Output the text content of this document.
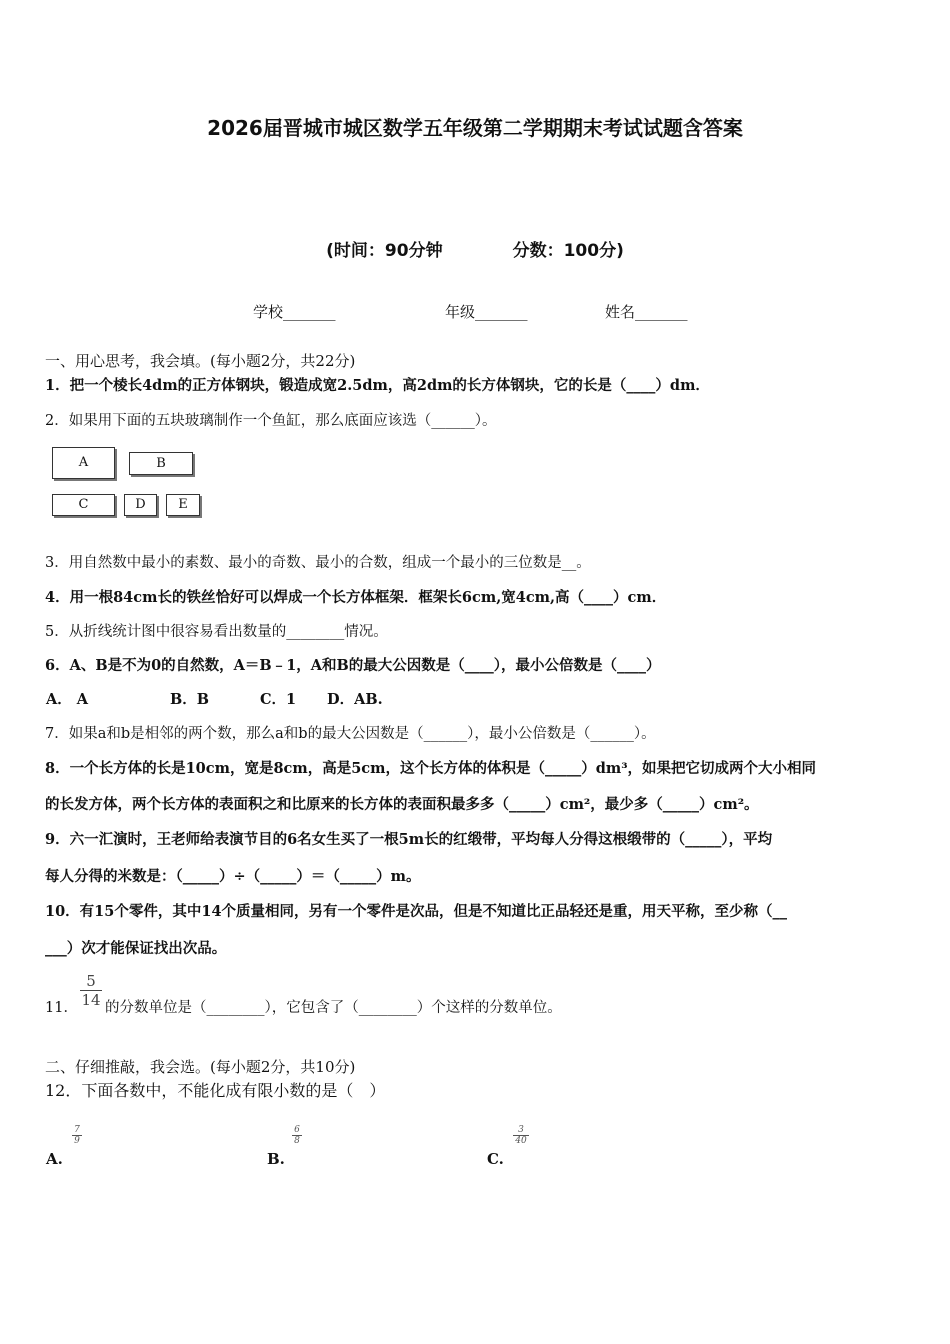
2026届晋城市城区数学五年级第二学期期末考试试题含答案
(时间：90分钟	分数：100分)
学校_______	年级_______	姓名_______
一、用心思考，我会填。(每小题2分，共22分)
1．把一个棱长4dm的正方体钢块，锻造成宽2.5dm，高2dm的长方体钢块，它的长是（____）dm．
2．如果用下面的五块玻璃制作一个鱼缸，那么底面应该选（______）。
A	B
C	D	E
3．用自然数中最小的素数、最小的奇数、最小的合数，组成一个最小的三位数是__。
4．用一根84cm长的铁丝恰好可以焊成一个长方体框架．框架长6cm,宽4cm,高（____）cm．
5．从折线统计图中很容易看出数量的________情况。
6．A、B是不为0的自然数，A＝B﹣1，A和B的最大公因数是（____），最小公倍数是（____）
A． A	B．B	C．1 D．AB.
7．如果a和b是相邻的两个数，那么a和b的最大公因数是（______），最小公倍数是（______）。
8．一个长方体的长是10cm，宽是8cm，高是5cm，这个长方体的体积是（_____）dm³，如果把它切成两个大小相同
的长发方体，两个长方体的表面积之和比原来的长方体的表面积最多多（_____）cm²，最少多（_____）cm²。
9．六一汇演时，王老师给表演节目的6名女生买了一根5m长的红缎带，平均每人分得这根缎带的（_____），平均
每人分得的米数是：（_____）÷（_____）＝（_____）m。
10．有15个零件，其中14个质量相同，另有一个零件是次品，但是不知道比正品轻还是重，用天平称，至少称（__
___）次才能保证找出次品。
11． $\frac{5}{14}$ 的分数单位是（________），它包含了（________）个这样的分数单位。
二、仔细推敲，我会选。(每小题2分，共10分)
12．下面各数中，不能化成有限小数的是（　）
A.
$\frac{7}{9}$
B.
$\frac{6}{8}$
C.
$\frac{3}{40}$
